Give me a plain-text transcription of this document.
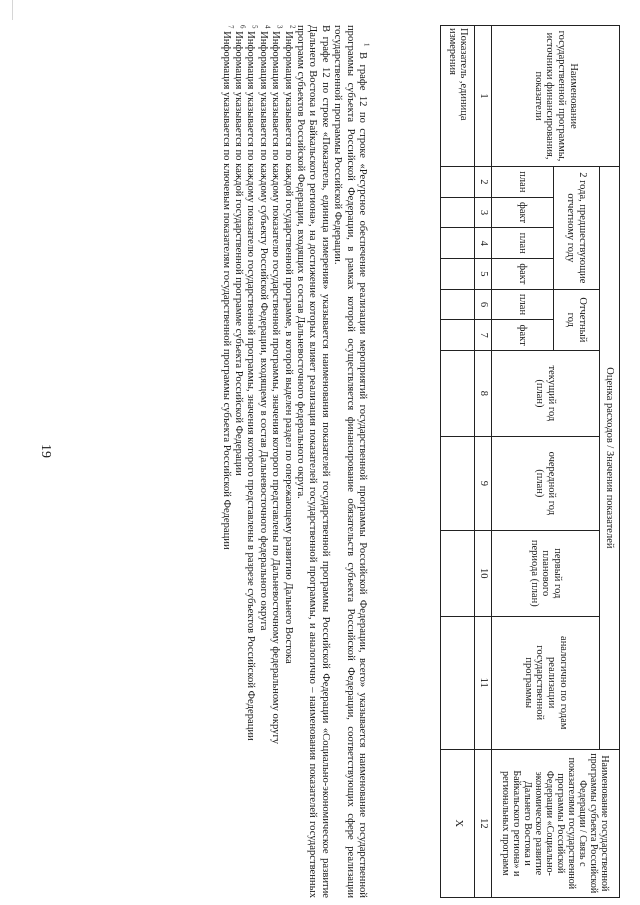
19
Наименование государственной программы, источники финансирования, показатели	Оценка расходов / Значения показателей										Наименование государственной программы субъекта Российской Федерации / Связь с показателями государственной программы Российской Федерации «Социально-экономическое развитие Дальнего Востока и Байкальского региона» и региональных программ
	2 года, предшествующие отчетному году				Отчетный год		текущий год (план)	очередной год (план)	первый год планового периода (план)	аналогично по годам реализации государственной программы	
	план	факт	план	факт	план	факт					
1	2	3	4	5	6	7	8	9	10	11	12
Показатель ,единица измерения											Х

$^1$ В графе 12 по строке «Ресурсное обеспечение реализации мероприятий государственной программы Российской Федерации, всего» указывается наименование государственной программы субъекта Российской Федерации, в рамках которой осуществляется финансирование обязательств субъекта Российской Федерации, соответствующих сфере реализации государственной программы Российской Федерации.

В графе 12 по строке «Показатель, единица измерения» указывается наименования показателей государственной программы Российской Федерации «Социально-экономическое развитие Дальнего Востока и Байкальского региона», на достижение которых влияет реализация показателей государственной программы, и аналогично – наименования показателей государственных программ субъектов Российской Федерации, входящих в состав Дальневосточного федерального округа.

$^2$ Информация указывается по каждой государственной программе, в которой выделен раздел по опережающему развитию Дальнего Востока

$^3$ Информация указывается по каждому показателю государственной программы, значения которого представлены по Дальневосточному федеральному округу

$^4$ Информация указывается по каждому субъекту Российской Федерации, входящему в состав Дальневосточного федерального округа

$^5$ Информация указывается по каждому показателю государственной программы, значения которого представлены в разрезе субъектов Российской Федерации

$^6$ Информация указывается по каждой государственной программе субъекта Российской Федерации

$^7$ Информация указывается по ключевым показателям государственной программы субъекта Российской Федерации
